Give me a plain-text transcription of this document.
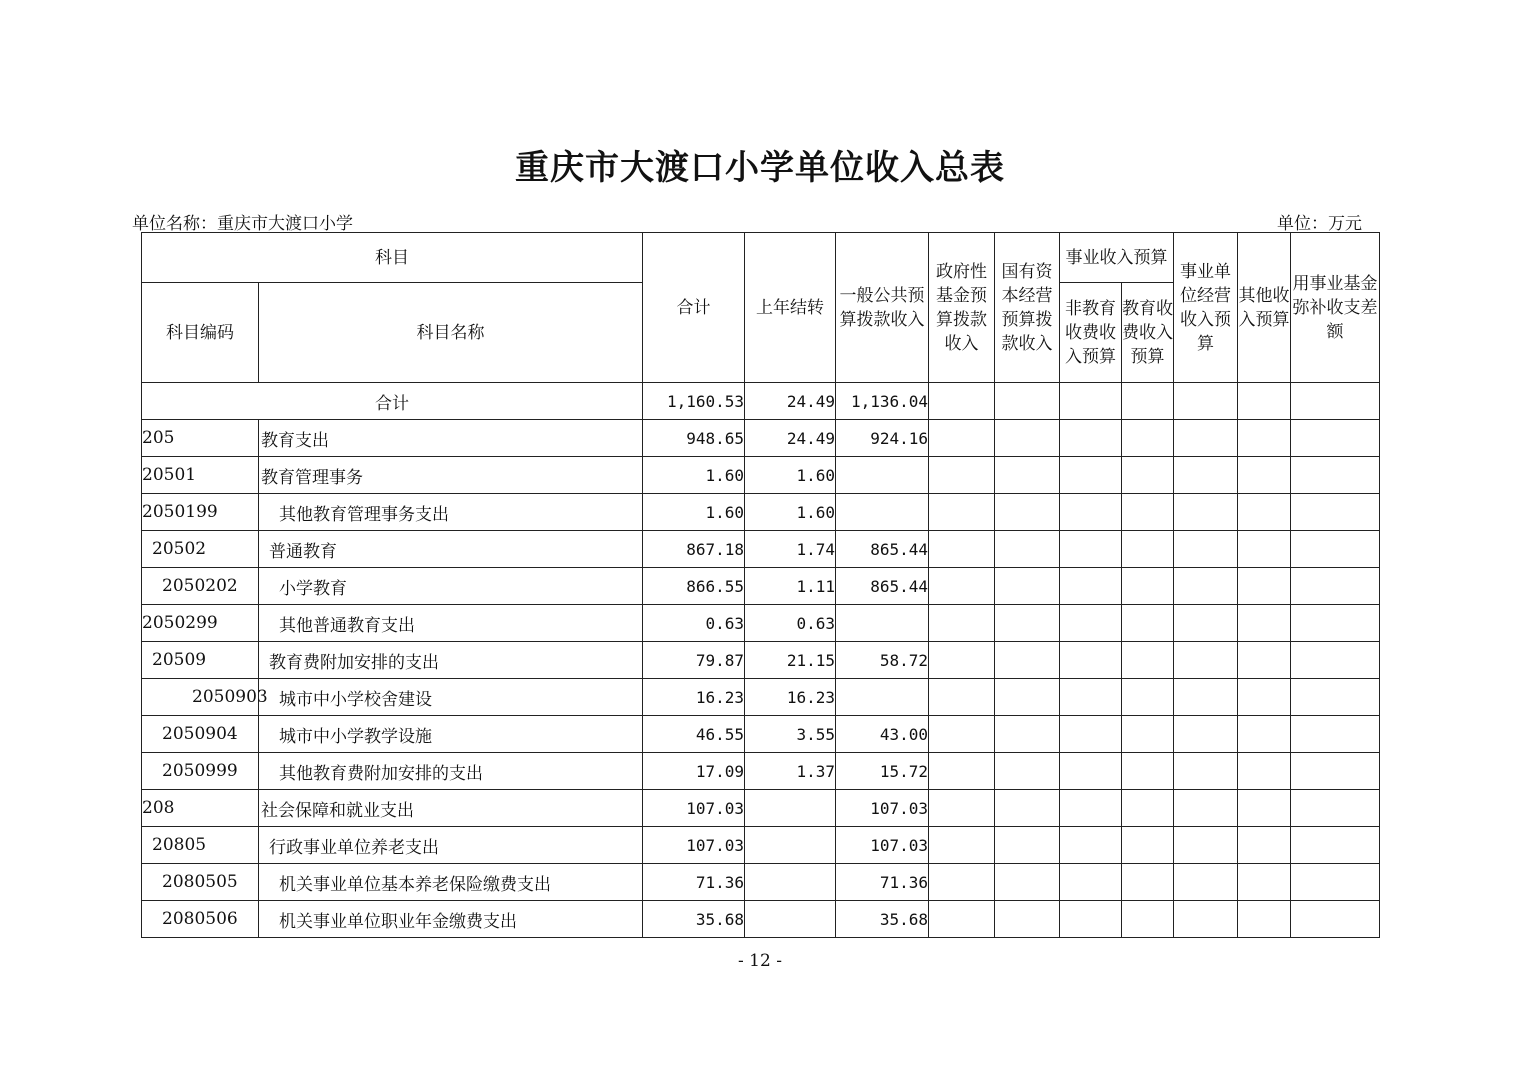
重庆市大渡口小学单位收入总表
单位名称：重庆市大渡口小学	单位：万元
科目		合计	上年结转	一般公共预算拨款收入	政府性基金预算拨款收入	国有资本经营预算拨款收入	事业收入预算		事业单位经营收入预算	其他收入预算	用事业基金弥补收支差额
科目编码	科目名称						非教育收费收入预算	教育收费收入预算			
合计		1,160.53	24.49	1,136.04							
205	教育支出	948.65	24.49	924.16							
20501	教育管理事务	1.60	1.60								
2050199	其他教育管理事务支出	1.60	1.60								
20502	普通教育	867.18	1.74	865.44							
2050202	小学教育	866.55	1.11	865.44							
2050299	其他普通教育支出	0.63	0.63								
20509	教育费附加安排的支出	79.87	21.15	58.72							
2050903	城市中小学校舍建设	16.23	16.23								
2050904	城市中小学教学设施	46.55	3.55	43.00							
2050999	其他教育费附加安排的支出	17.09	1.37	15.72							
208	社会保障和就业支出	107.03		107.03							
20805	行政事业单位养老支出	107.03		107.03							
2080505	机关事业单位基本养老保险缴费支出	71.36		71.36							
2080506	机关事业单位职业年金缴费支出	35.68		35.68							
- 12 -
